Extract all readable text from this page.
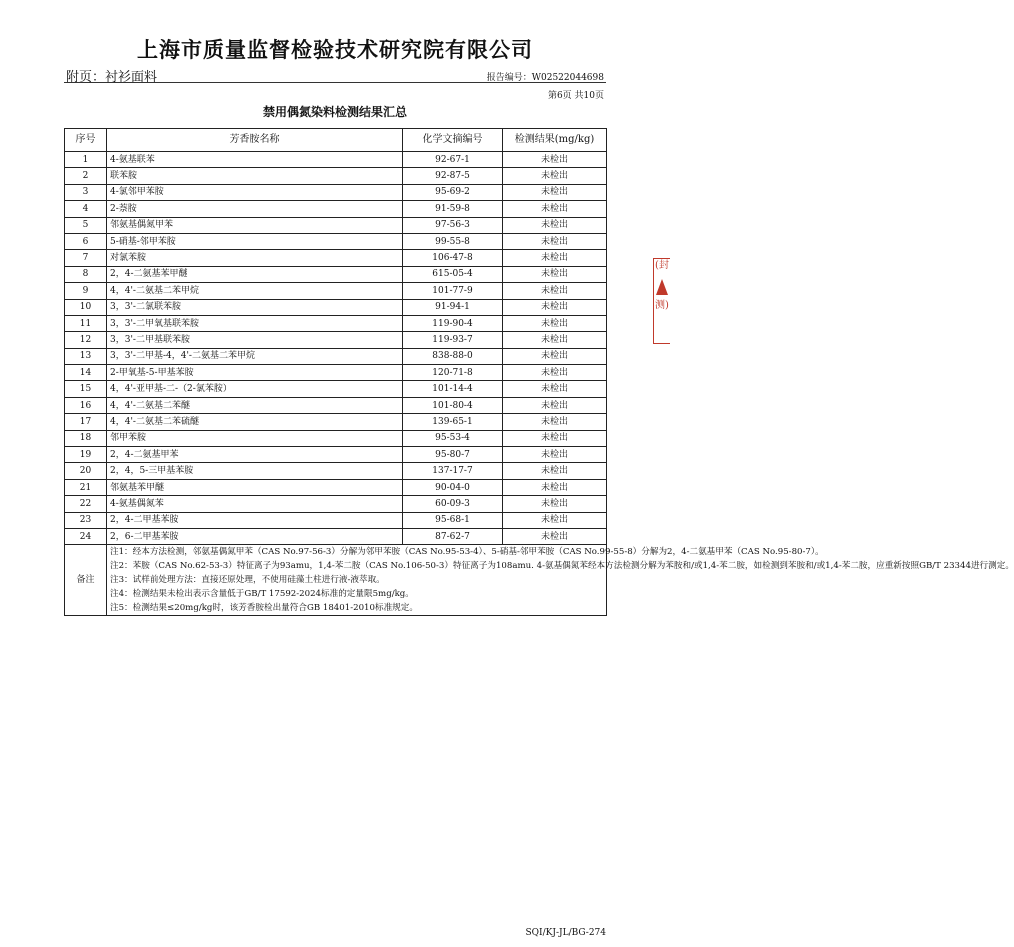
上海市质量监督检验技术研究院有限公司
附页：衬衫面料	报告编号：W02522044698
第6页 共10页
禁用偶氮染料检测结果汇总
序号	芳香胺名称	化学文摘编号	检测结果(mg/kg)
1	4-氨基联苯	92-67-1	未检出
2	联苯胺	92-87-5	未检出
3	4-氯邻甲苯胺	95-69-2	未检出
4	2-萘胺	91-59-8	未检出
5	邻氨基偶氮甲苯	97-56-3	未检出
6	5-硝基-邻甲苯胺	99-55-8	未检出
7	对氯苯胺	106-47-8	未检出
8	2，4-二氨基苯甲醚	615-05-4	未检出
9	4，4'-二氨基二苯甲烷	101-77-9	未检出
10	3，3'-二氯联苯胺	91-94-1	未检出
11	3，3'-二甲氧基联苯胺	119-90-4	未检出
12	3，3'-二甲基联苯胺	119-93-7	未检出
13	3，3'-二甲基-4，4'-二氨基二苯甲烷	838-88-0	未检出
14	2-甲氧基-5-甲基苯胺	120-71-8	未检出
15	4，4'-亚甲基-二-（2-氯苯胺）	101-14-4	未检出
16	4，4'-二氨基二苯醚	101-80-4	未检出
17	4，4'-二氨基二苯硫醚	139-65-1	未检出
18	邻甲苯胺	95-53-4	未检出
19	2，4-二氨基甲苯	95-80-7	未检出
20	2，4，5-三甲基苯胺	137-17-7	未检出
21	邻氨基苯甲醚	90-04-0	未检出
22	4-氨基偶氮苯	60-09-3	未检出
23	2，4-二甲基苯胺	95-68-1	未检出
24	2，6-二甲基苯胺	87-62-7	未检出
备注	注1：经本方法检测，邻氨基偶氮甲苯（CAS No.97-56-3）分解为邻甲苯胺（CAS No.95-53-4）、5-硝基-邻甲苯胺（CAS No.99-55-8）分解为2，4-二氨基甲苯（CAS No.95-80-7）。
注2：苯胺（CAS No.62-53-3）特征离子为93amu，1,4-苯二胺（CAS No.106-50-3）特征离子为108amu. 4-氨基偶氮苯经本方法检测分解为苯胺和/或1,4-苯二胺，如检测到苯胺和/或1,4-苯二胺，应重新按照GB/T 23344进行测定。
注3：试样前处理方法：直接还原处理，不使用硅藻土柱进行液-液萃取。
注4：检测结果未检出表示含量低于GB/T 17592-2024标准的定量限5mg/kg。
注5：检测结果≤20mg/kg时，该芳香胺检出量符合GB 18401-2010标准规定。		
(封
测)
SQI/KJ-JL/BG-274
